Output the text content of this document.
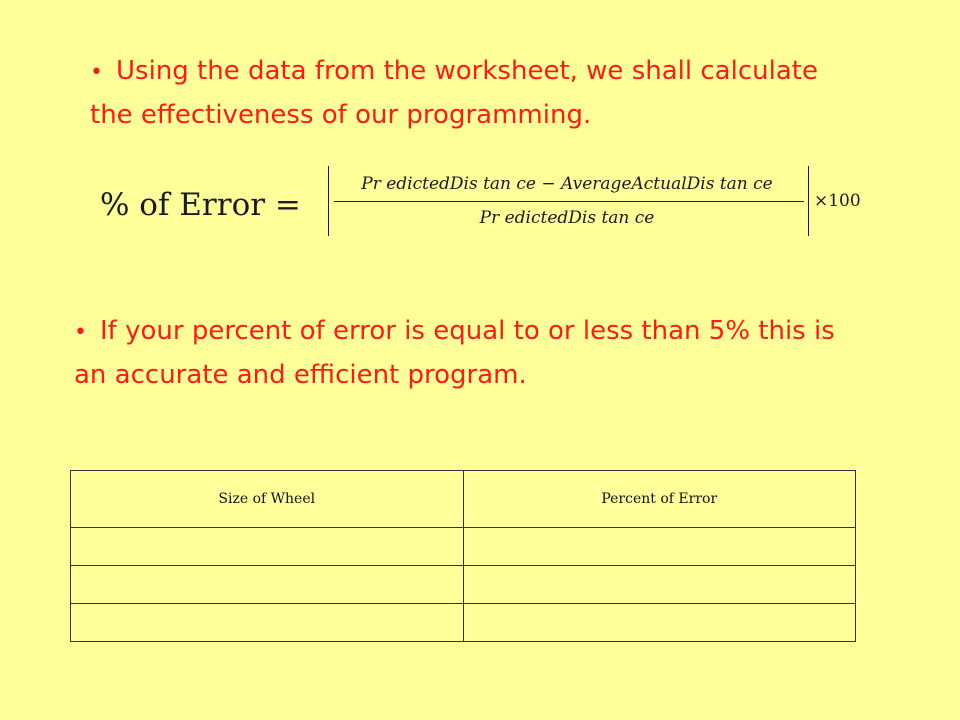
• Using the data from the worksheet, we shall calculate the effectiveness of our programming.
% of Error =
Pr edictedDis tan ce − AverageActualDis tan ce
Pr edictedDis tan ce
×100
• If your percent of error is equal to or less than 5% this is an accurate and efficient program.
Size of Wheel	Percent of Error
